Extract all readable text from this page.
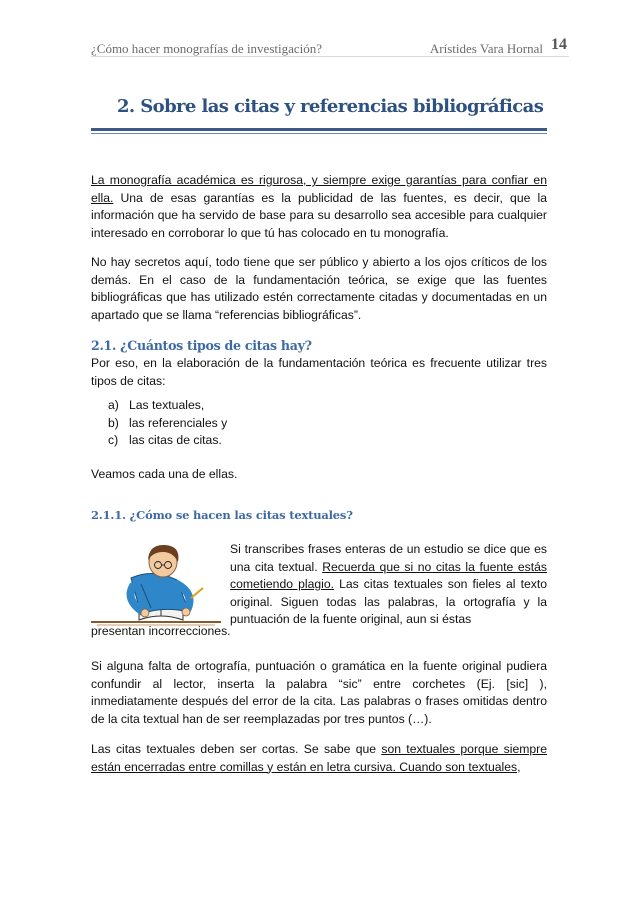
¿Cómo hacer monografías de investigación?	Arístides Vara Hornal 14
2. Sobre las citas y referencias bibliográficas

La monografía académica es rigurosa, y siempre exige garantías para confiar en ella. Una de esas garantías es la publicidad de las fuentes, es decir, que la información que ha servido de base para su desarrollo sea accesible para cualquier interesado en corroborar lo que tú has colocado en tu monografía.

No hay secretos aquí, todo tiene que ser público y abierto a los ojos críticos de los demás. En el caso de la fundamentación teórica, se exige que las fuentes bibliográficas que has utilizado estén correctamente citadas y documentadas en un apartado que se llama “referencias bibliográficas”.

2.1. ¿Cuántos tipos de citas hay?

Por eso, en la elaboración de la fundamentación teórica es frecuente utilizar tres tipos de citas:

a) Las textuales,
b) las referenciales y
c) las citas de citas.

Veamos cada una de ellas.

2.1.1. ¿Cómo se hacen las citas textuales?

Si transcribes frases enteras de un estudio se dice que es una cita textual. Recuerda que si no citas la fuente estás cometiendo plagio. Las citas textuales son fieles al texto original. Siguen todas las palabras, la ortografía y la puntuación de la fuente original, aun si éstas

presentan incorrecciones.

Si alguna falta de ortografía, puntuación o gramática en la fuente original pudiera confundir al lector, inserta la palabra “sic” entre corchetes (Ej. [sic] ), inmediatamente después del error de la cita. Las palabras o frases omitidas dentro de la cita textual han de ser reemplazadas por tres puntos (…).

Las citas textuales deben ser cortas. Se sabe que son textuales porque siempre están encerradas entre comillas y están en letra cursiva. Cuando son textuales,
